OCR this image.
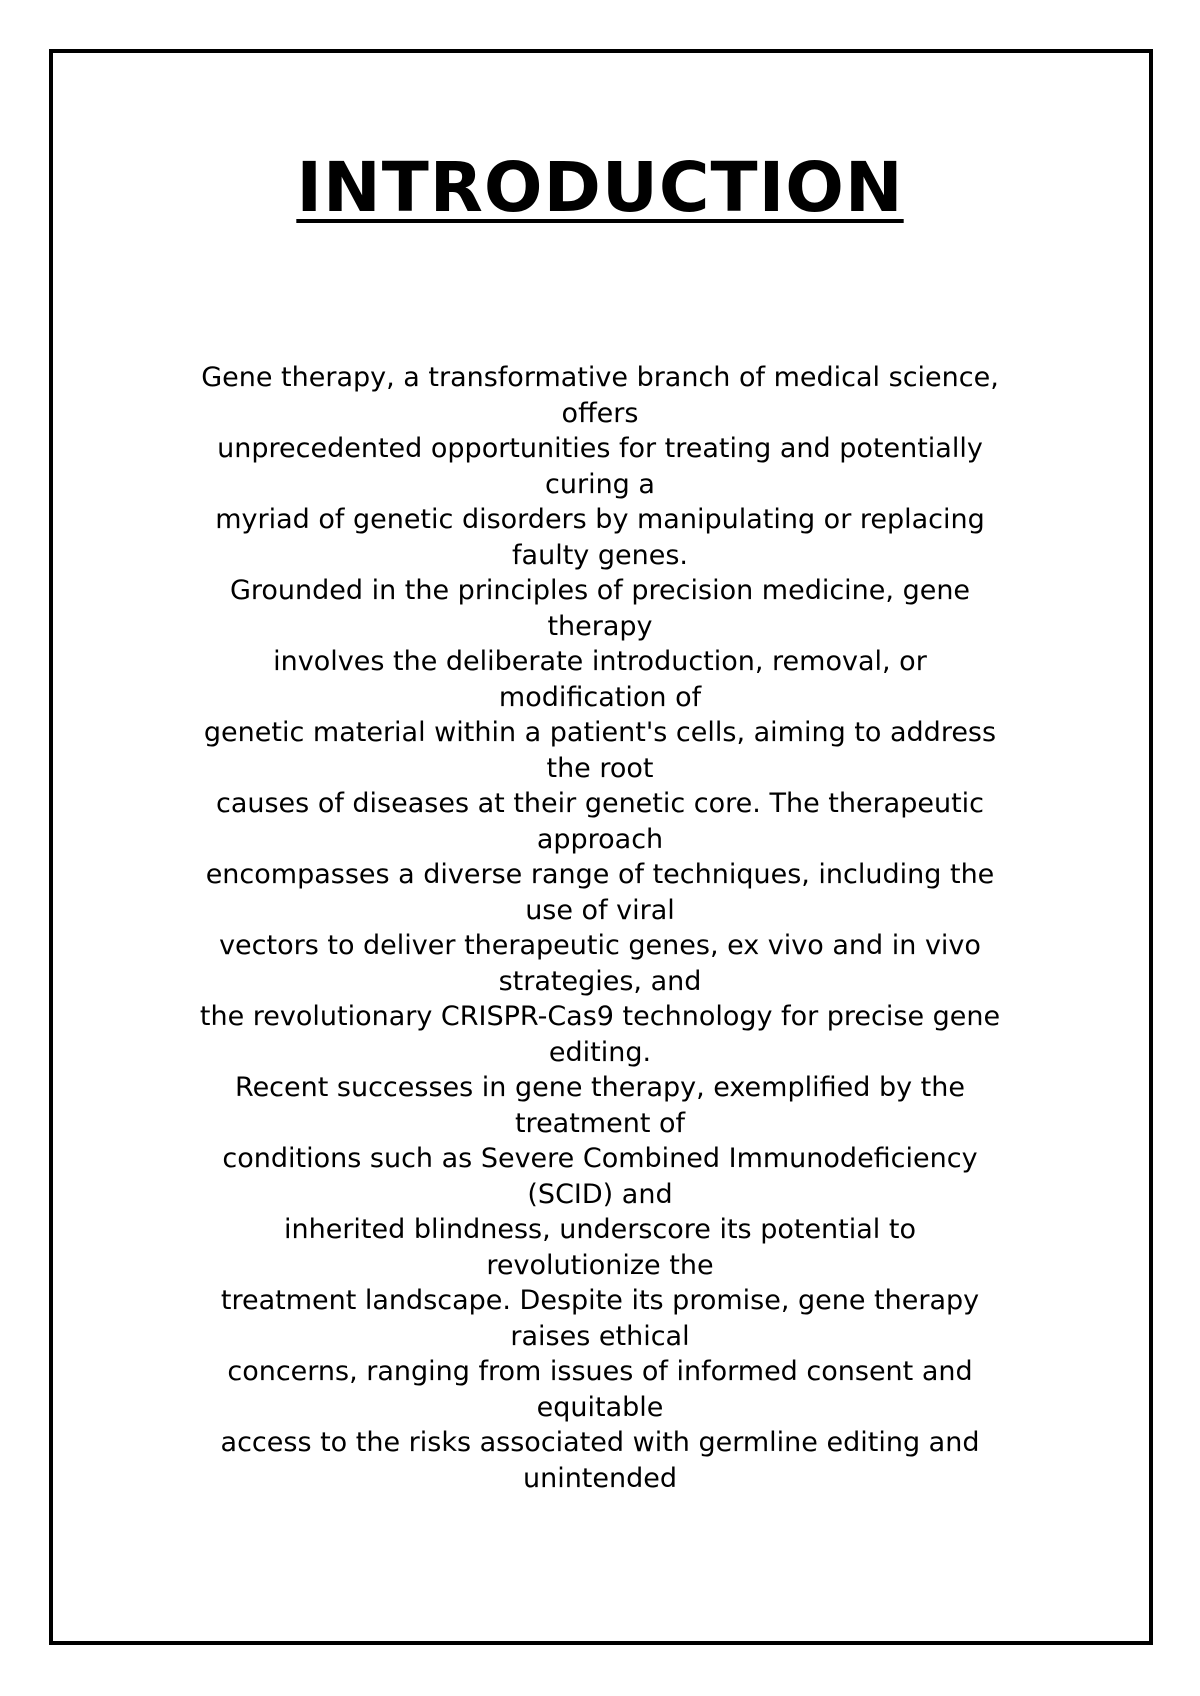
INTRODUCTION
Gene therapy, a transformative branch of medical science,
offers
unprecedented opportunities for treating and potentially
curing a
myriad of genetic disorders by manipulating or replacing
faulty genes.
Grounded in the principles of precision medicine, gene
therapy
involves the deliberate introduction, removal, or
modification of
genetic material within a patient's cells, aiming to address
the root
causes of diseases at their genetic core. The therapeutic
approach
encompasses a diverse range of techniques, including the
use of viral
vectors to deliver therapeutic genes, ex vivo and in vivo
strategies, and
the revolutionary CRISPR-Cas9 technology for precise gene
editing.
Recent successes in gene therapy, exemplified by the
treatment of
conditions such as Severe Combined Immunodeficiency
(SCID) and
inherited blindness, underscore its potential to
revolutionize the
treatment landscape. Despite its promise, gene therapy
raises ethical
concerns, ranging from issues of informed consent and
equitable
access to the risks associated with germline editing and
unintended
